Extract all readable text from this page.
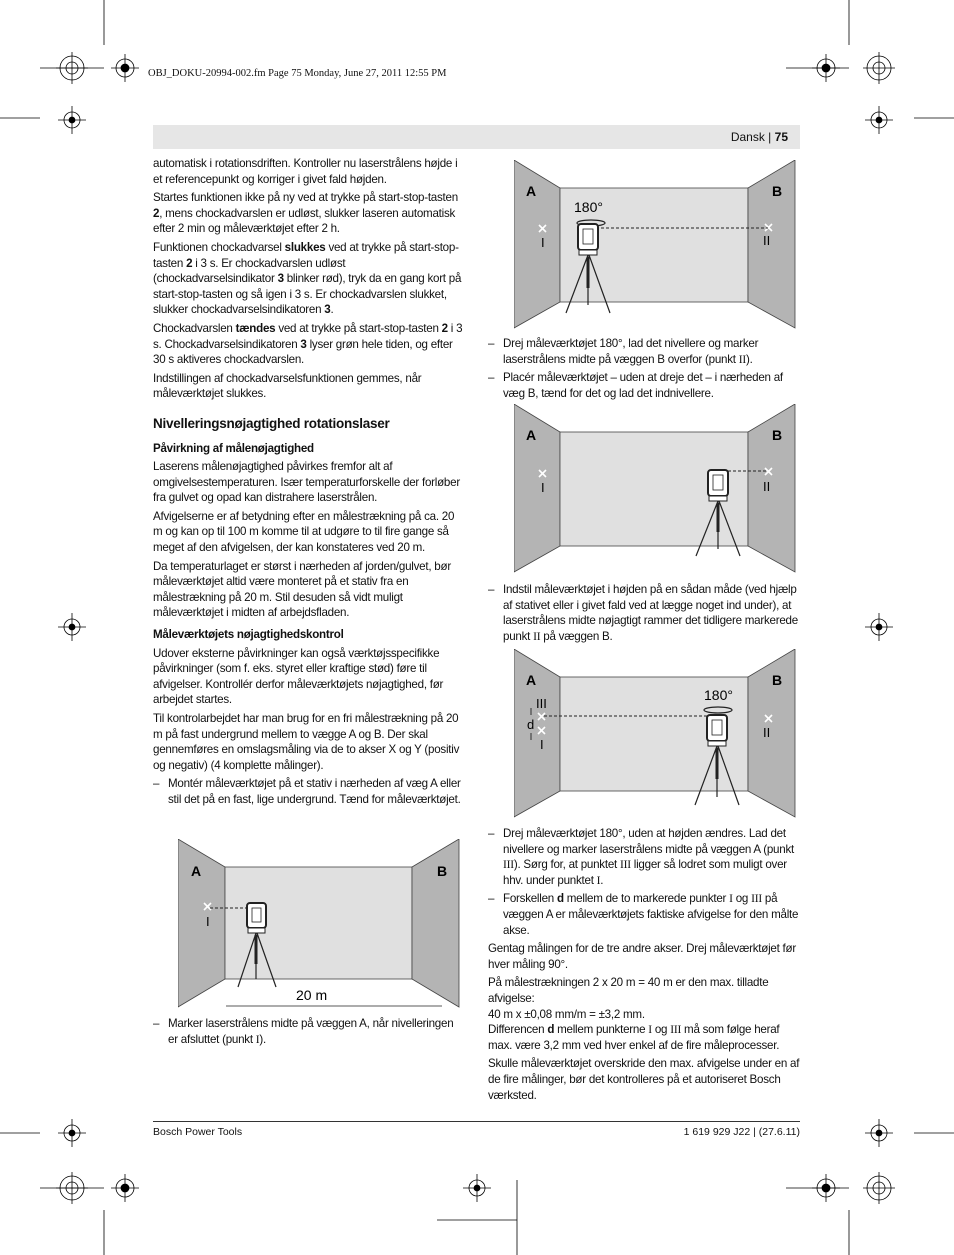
OBJ_DOKU-20994-002.fm Page 75 Monday, June 27, 2011 12:55 PM
Dansk | 75

automatisk i rotationsdriften. Kontroller nu laserstrålens højde i et referencepunkt og korriger i givet fald højden.

Startes funktionen ikke på ny ved at trykke på start-stop-tasten 2, mens chockadvarslen er udløst, slukker laseren automatisk efter 2 min og måleværktøjet efter 2 h.

Funktionen chockadvarsel slukkes ved at trykke på start-stop-tasten 2 i 3 s. Er chockadvarslen udløst (chockadvarselsindikator 3 blinker rød), tryk da en gang kort på start-stop-tasten og så igen i 3 s. Er chockadvarslen slukket, slukker chockadvarselsindikatoren 3.

Chockadvarslen tændes ved at trykke på start-stop-tasten 2 i 3 s. Chockadvarselsindikatoren 3 lyser grøn hele tiden, og efter 30 s aktiveres chockadvarslen.

Indstillingen af chockadvarselsfunktionen gemmes, når måleværktøjet slukkes.

Nivelleringsnøjagtighed rotationslaser
Påvirkning af målenøjagtighed

Laserens målenøjagtighed påvirkes fremfor alt af omgivelsestemperaturen. Især temperaturforskelle der forløber fra gulvet og opad kan distrahere laserstrålen.

Afvigelserne er af betydning efter en målestrækning på ca. 20 m og kan op til 100 m komme til at udgøre to til fire gange så meget af den afvigelsen, der kan konstateres ved 20 m.

Da temperaturlaget er størst i nærheden af jorden/gulvet, bør måleværktøjet altid være monteret på et stativ fra en målestrækning på 20 m. Stil desuden så vidt muligt måleværktøjet i midten af arbejdsfladen.

Måleværktøjets nøjagtighedskontrol

Udover eksterne påvirkninger kan også værktøjsspecifikke påvirkninger (som f. eks. styret eller kraftige stød) føre til afvigelser. Kontrollér derfor måleværktøjets nøjagtighed, før arbejdet startes.

Til kontrolarbejdet har man brug for en fri målestrækning på 20 m på fast undergrund mellem to vægge A og B. Der skal gennemføres en omslagsmåling via de to akser X og Y (positiv og negativ) (4 komplette målinger).

– Montér måleværktøjet på et stativ i nærheden af væg A eller stil det på en fast, lige undergrund. Tænd for måleværktøjet.
A	B
I
20 m
– Marker laserstrålens midte på væggen A, når nivelleringen er afsluttet (punkt I).
A	B
180°
I	II
– Drej måleværktøjet 180°, lad det nivellere og marker laserstrålens midte på væggen B overfor (punkt II).
– Placér måleværktøjet – uden at dreje det – i nærheden af væg B, tænd for det og lad det indnivellere.
A	B
I	II
– Indstil måleværktøjet i højden på en sådan måde (ved hjælp af stativet eller i givet fald ved at lægge noget ind under), at laserstrålens midte nøjagtigt rammer det tidligere markerede punkt II på væggen B.
A	B
180°
III
d
I
II
– Drej måleværktøjet 180°, uden at højden ændres. Lad det nivellere og marker laserstrålens midte på væggen A (punkt III). Sørg for, at punktet III ligger så lodret som muligt over hhv. under punktet I.
– Forskellen d mellem de to markerede punkter I og III på væggen A er måleværktøjets faktiske afvigelse for den målte akse.

Gentag målingen for de tre andre akser. Drej måleværktøjet før hver måling 90°.

På målestrækningen 2 x 20 m = 40 m er den max. tilladte afvigelse:

40 m x ±0,08 mm/m = ±3,2 mm.

Differencen d mellem punkterne I og III må som følge heraf max. være 3,2 mm ved hver enkel af de fire måleprocesser.

Skulle måleværktøjet overskride den max. afvigelse under en af de fire målinger, bør det kontrolleres på et autoriseret Bosch værksted.

Bosch Power Tools	1 619 929 J22 | (27.6.11)
